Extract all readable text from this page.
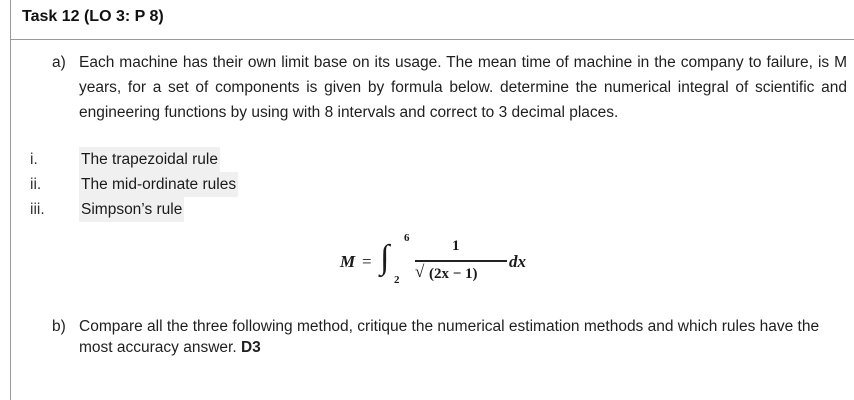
Task 12 (LO 3: P 8)
a) Each machine has their own limit base on its usage. The mean time of machine in the company to failure, is M years, for a set of components is given by formula below. determine the numerical integral of scientific and engineering functions by using with 8 intervals and correct to 3 decimal places.
i.	The trapezoidal rule
ii.	The mid-ordinate rules
iii.	Simpson’s rule
M = ∫
6
2
1
√ (2x − 1)
dx
b) Compare all the three following method, critique the numerical estimation methods and which rules have the most accuracy answer. D3
